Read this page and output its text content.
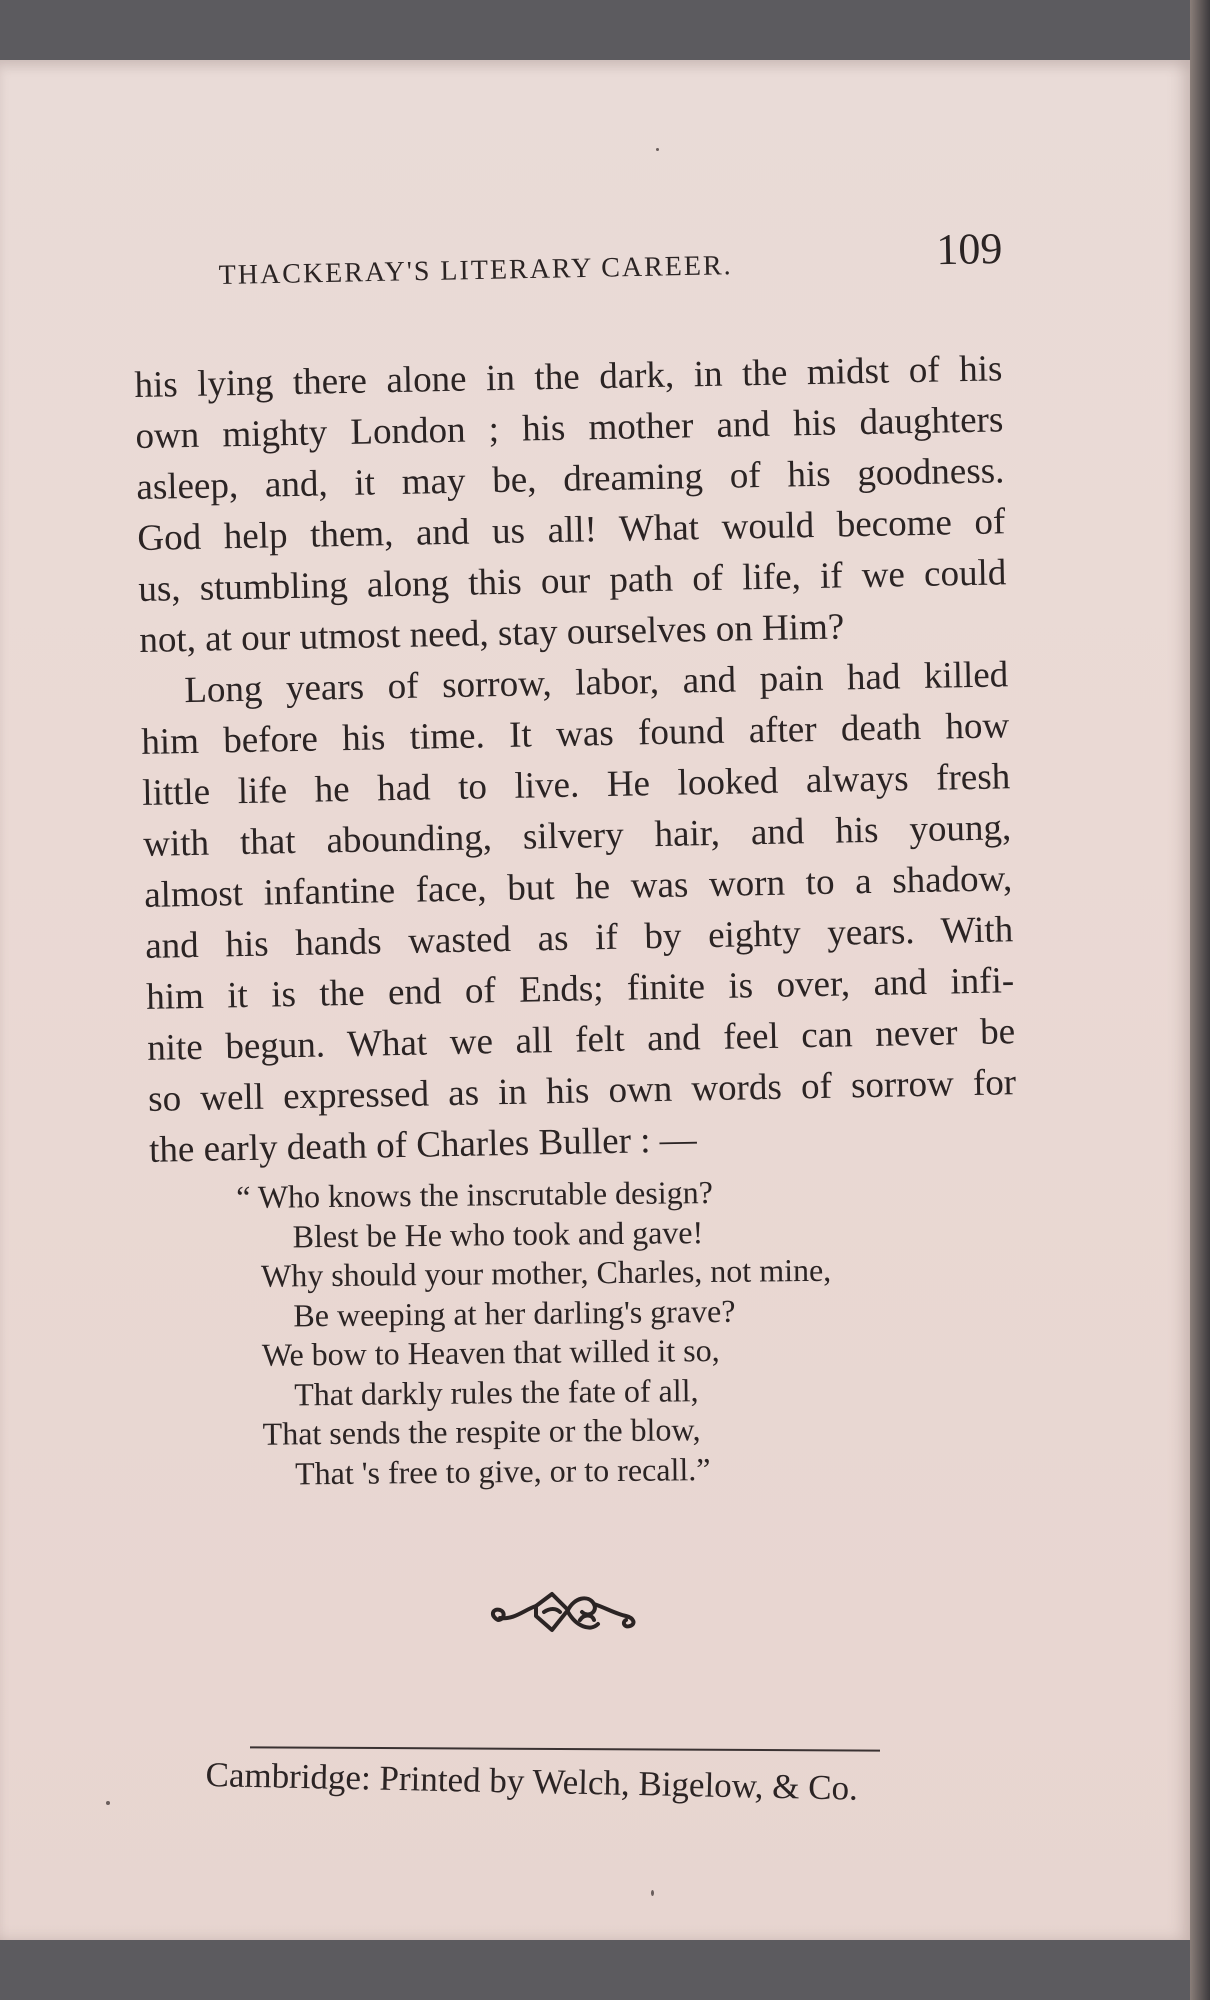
THACKERAY'S LITERARY CAREER.	109
his lying there alone in the dark, in the midst of his
own mighty London ; his mother and his daughters
asleep, and, it may be, dreaming of his goodness.
God help them, and us all! What would become of
us, stumbling along this our path of life, if we could
not, at our utmost need, stay ourselves on Him?
Long years of sorrow, labor, and pain had killed
him before his time. It was found after death how
little life he had to live. He looked always fresh
with that abounding, silvery hair, and his young,
almost infantine face, but he was worn to a shadow,
and his hands wasted as if by eighty years. With
him it is the end of Ends; finite is over, and infi-
nite begun. What we all felt and feel can never be
so well expressed as in his own words of sorrow for
the early death of Charles Buller : —
“ Who knows the inscrutable design?
Blest be He who took and gave!
Why should your mother, Charles, not mine,
Be weeping at her darling's grave?
We bow to Heaven that willed it so,
That darkly rules the fate of all,
That sends the respite or the blow,
That 's free to give, or to recall.”
Cambridge: Printed by Welch, Bigelow, & Co.
